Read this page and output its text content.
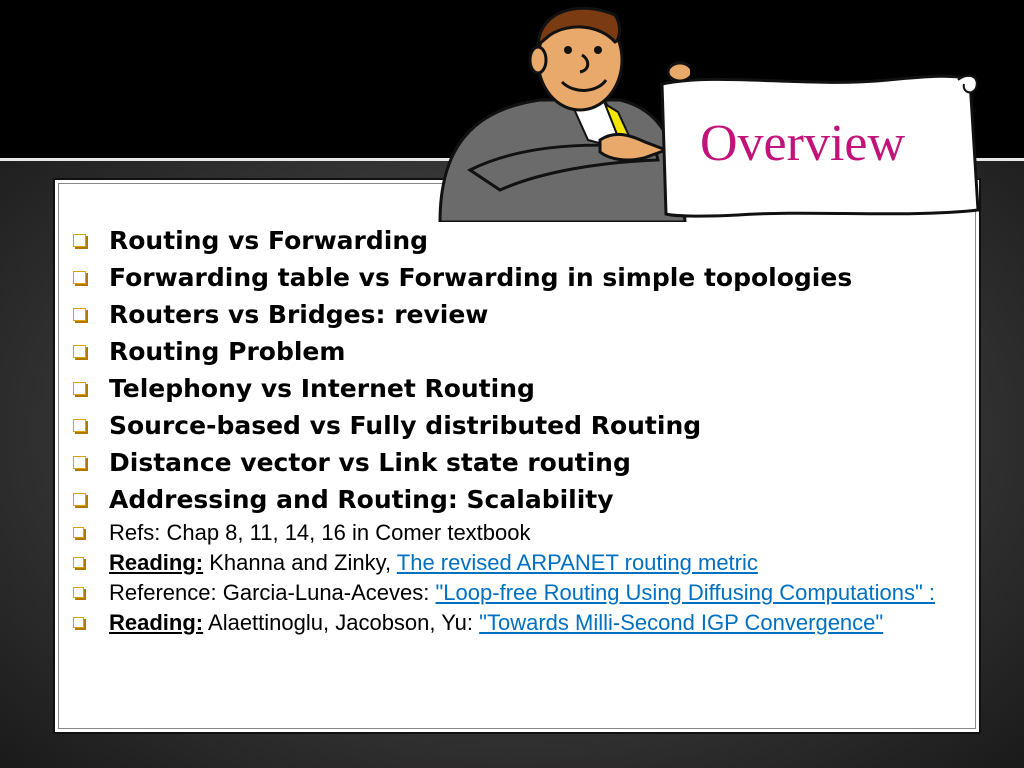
Routing vs Forwarding
Forwarding table vs Forwarding in simple topologies
Routers vs Bridges: review
Routing Problem
Telephony vs Internet Routing
Source-based vs Fully distributed Routing
Distance vector vs Link state routing
Addressing and Routing: Scalability
Refs: Chap 8, 11, 14, 16 in Comer textbook
Reading: Khanna and Zinky, The revised ARPANET routing metric
Reference: Garcia-Luna-Aceves: "Loop-free Routing Using Diffusing Computations" :
Reading: Alaettinoglu, Jacobson, Yu: "Towards Milli-Second IGP Convergence"
Overview
